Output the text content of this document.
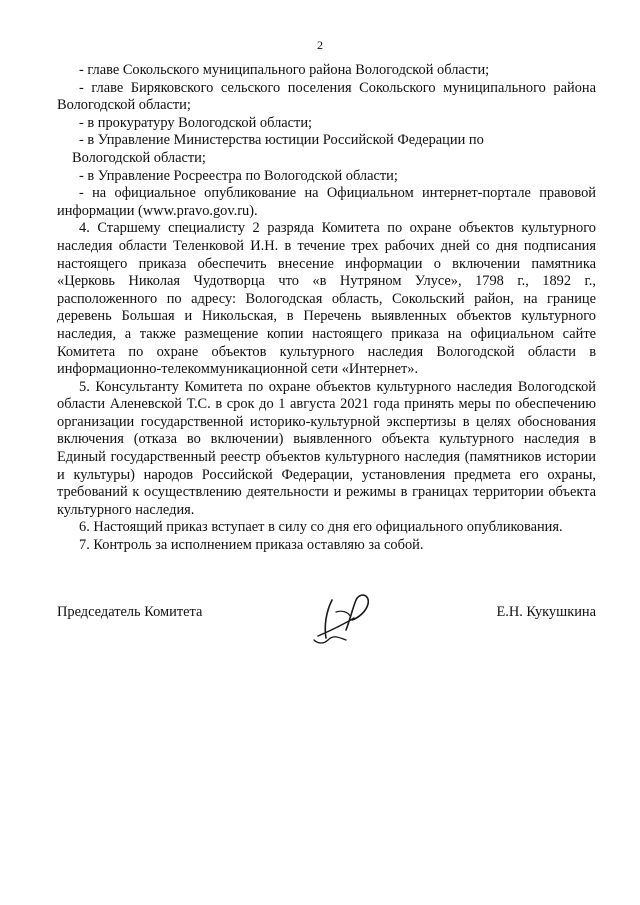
2

- главе Сокольского муниципального района Вологодской области;

- главе Биряковского сельского поселения Сокольского муниципального района Вологодской области;

- в прокуратуру Вологодской области;

- в Управление Министерства юстиции Российской Федерации по

Вологодской области;

- в Управление Росреестра по Вологодской области;

- на официальное опубликование на Официальном интернет-портале правовой информации (www.pravo.gov.ru).

4. Старшему специалисту 2 разряда Комитета по охране объектов культурного наследия области Теленковой И.Н. в течение трех рабочих дней со дня подписания настоящего приказа обеспечить внесение информации о включении памятника «Церковь Николая Чудотворца что «в Нутряном Улусе», 1798 г., 1892 г., расположенного по адресу: Вологодская область, Сокольский район, на границе деревень Большая и Никольская, в Перечень выявленных объектов культурного наследия, а также размещение копии настоящего приказа на официальном сайте Комитета по охране объектов культурного наследия Вологодской области в информационно-телекоммуникационной сети «Интернет».

5. Консультанту Комитета по охране объектов культурного наследия Вологодской области Аленевской Т.С. в срок до 1 августа 2021 года принять меры по обеспечению организации государственной историко-культурной экспертизы в целях обоснования включения (отказа во включении) выявленного объекта культурного наследия в Единый государственный реестр объектов культурного наследия (памятников истории и культуры) народов Российской Федерации, установления предмета его охраны, требований к осуществлению деятельности и режимы в границах территории объекта культурного наследия.

6. Настоящий приказ вступает в силу со дня его официального опубликования.

7. Контроль за исполнением приказа оставляю за собой.

Председатель Комитета	Е.Н. Кукушкина
